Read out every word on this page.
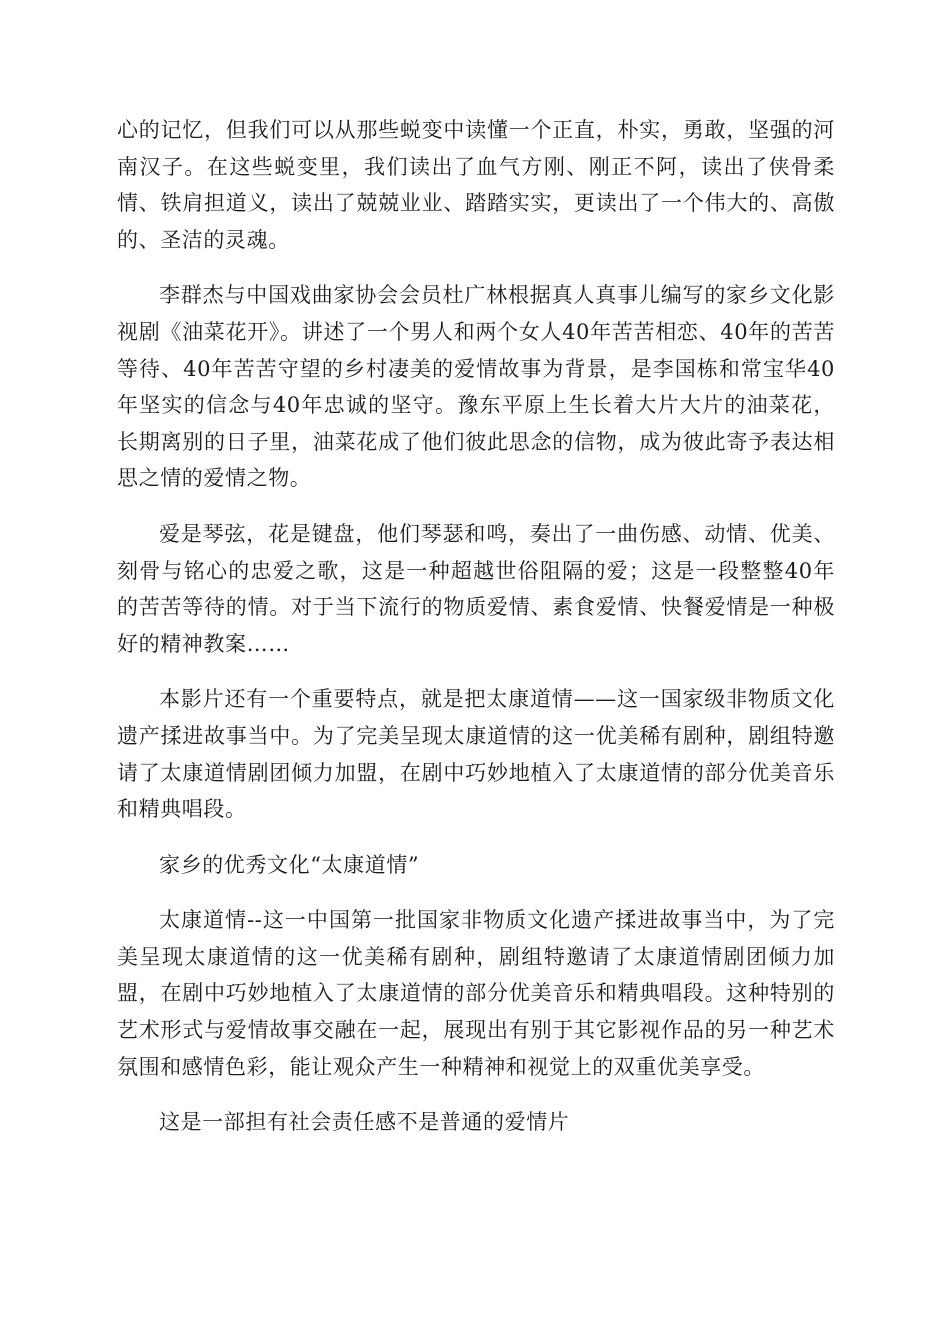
心的记忆，但我们可以从那些蜕变中读懂一个正直，朴实，勇敢，坚强的河南汉子。在这些蜕变里，我们读出了血气方刚、刚正不阿，读出了侠骨柔情、铁肩担道义，读出了兢兢业业、踏踏实实，更读出了一个伟大的、高傲的、圣洁的灵魂。

李群杰与中国戏曲家协会会员杜广林根据真人真事儿编写的家乡文化影视剧《油菜花开》。讲述了一个男人和两个女人40年苦苦相恋、40年的苦苦等待、40年苦苦守望的乡村凄美的爱情故事为背景，是李国栋和常宝华40年坚实的信念与40年忠诚的坚守。豫东平原上生长着大片大片的油菜花，长期离别的日子里，油菜花成了他们彼此思念的信物，成为彼此寄予表达相思之情的爱情之物。

爱是琴弦，花是键盘，他们琴瑟和鸣，奏出了一曲伤感、动情、优美、刻骨与铭心的忠爱之歌，这是一种超越世俗阻隔的爱；这是一段整整40年的苦苦等待的情。对于当下流行的物质爱情、素食爱情、快餐爱情是一种极好的精神教案……

本影片还有一个重要特点，就是把太康道情——这一国家级非物质文化遗产揉进故事当中。为了完美呈现太康道情的这一优美稀有剧种，剧组特邀请了太康道情剧团倾力加盟，在剧中巧妙地植入了太康道情的部分优美音乐和精典唱段。

家乡的优秀文化“太康道情”

太康道情--这一中国第一批国家非物质文化遗产揉进故事当中，为了完美呈现太康道情的这一优美稀有剧种，剧组特邀请了太康道情剧团倾力加盟，在剧中巧妙地植入了太康道情的部分优美音乐和精典唱段。这种特别的艺术形式与爱情故事交融在一起，展现出有别于其它影视作品的另一种艺术氛围和感情色彩，能让观众产生一种精神和视觉上的双重优美享受。

这是一部担有社会责任感不是普通的爱情片
